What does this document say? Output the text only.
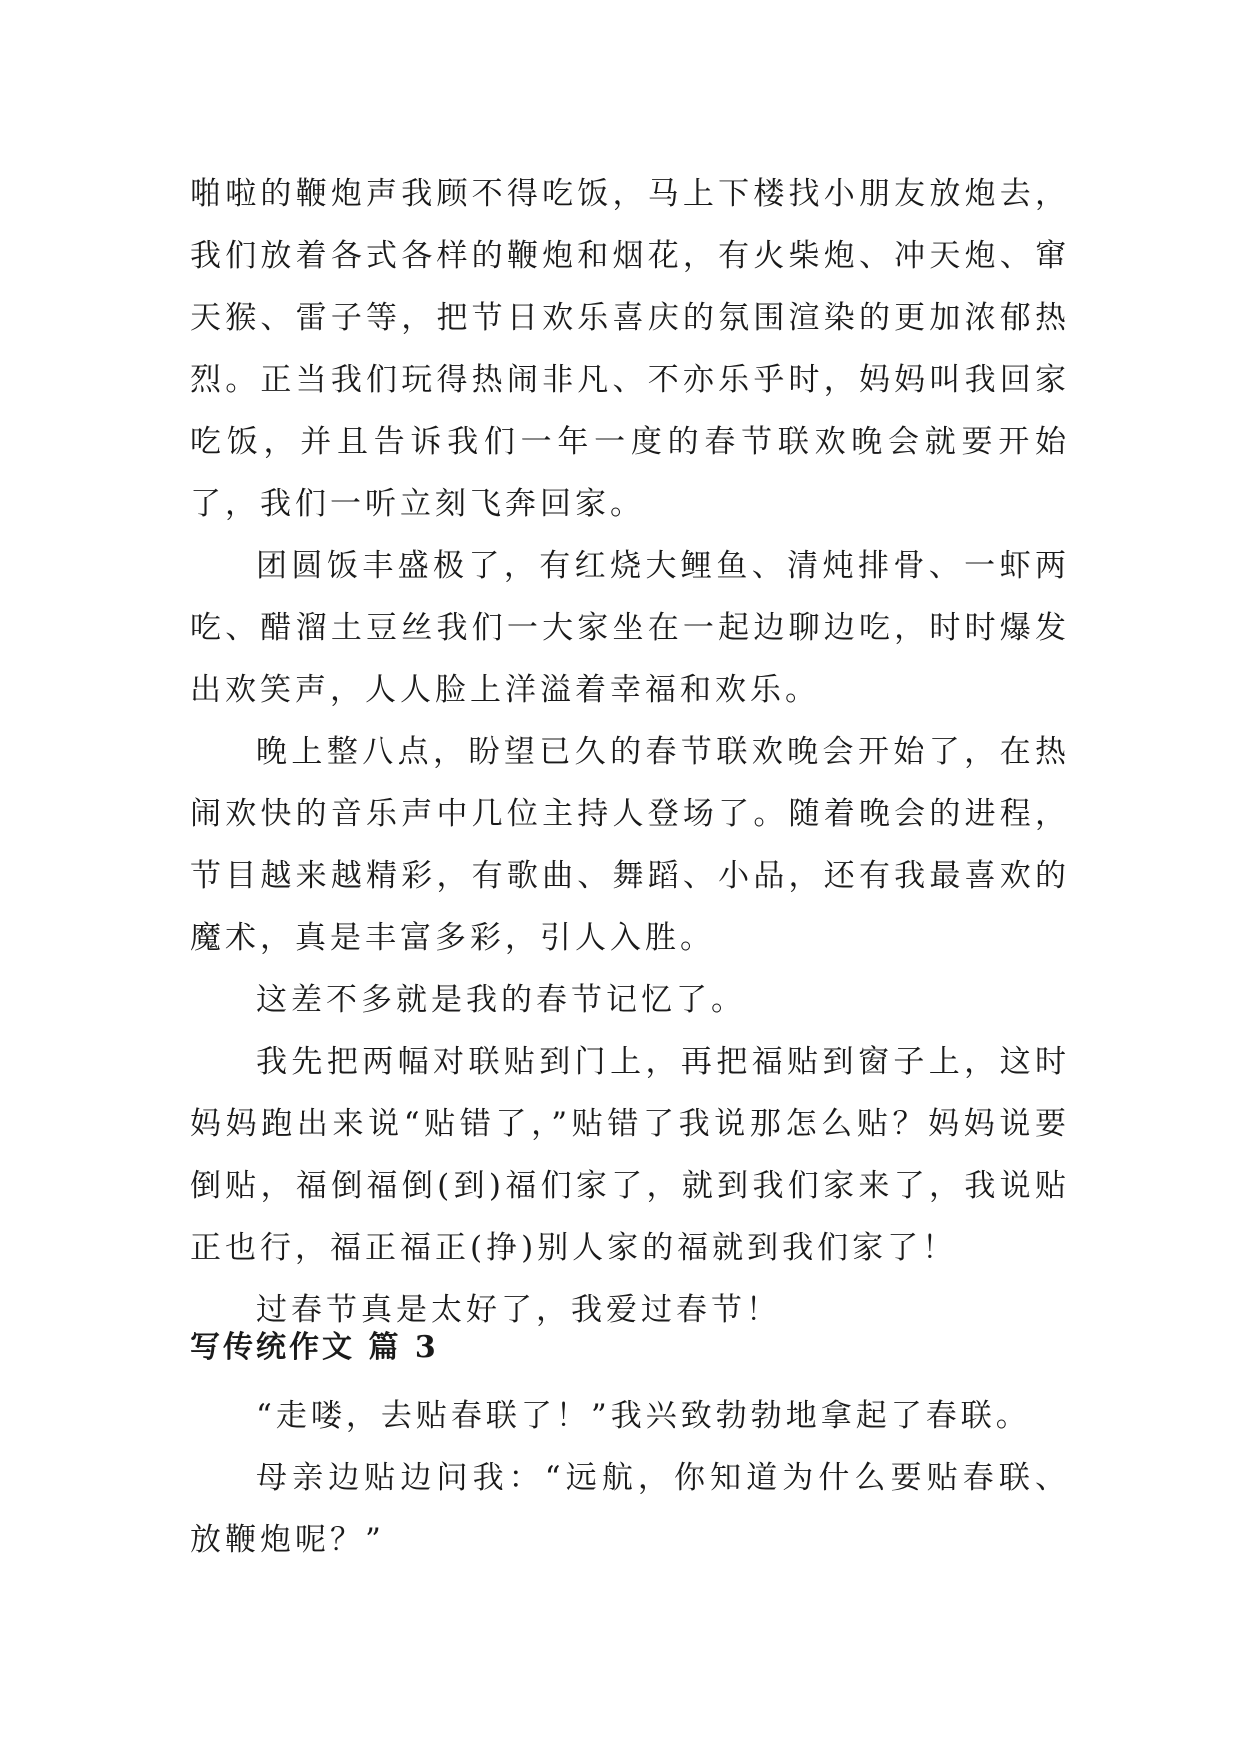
啪啦的鞭炮声我顾不得吃饭，马上下楼找小朋友放炮去，我们放着各式各样的鞭炮和烟花，有火柴炮、冲天炮、窜天猴、雷子等，把节日欢乐喜庆的氛围渲染的更加浓郁热烈。正当我们玩得热闹非凡、不亦乐乎时，妈妈叫我回家吃饭，并且告诉我们一年一度的春节联欢晚会就要开始了，我们一听立刻飞奔回家。

团圆饭丰盛极了，有红烧大鲤鱼、清炖排骨、一虾两吃、醋溜土豆丝我们一大家坐在一起边聊边吃，时时爆发出欢笑声，人人脸上洋溢着幸福和欢乐。

晚上整八点，盼望已久的春节联欢晚会开始了，在热闹欢快的音乐声中几位主持人登场了。随着晚会的进程，节目越来越精彩，有歌曲、舞蹈、小品，还有我最喜欢的魔术，真是丰富多彩，引人入胜。

这差不多就是我的春节记忆了。

我先把两幅对联贴到门上，再把福贴到窗子上，这时妈妈跑出来说“贴错了，”贴错了我说那怎么贴？妈妈说要倒贴，福倒福倒(到)福们家了，就到我们家来了，我说贴正也行，福正福正(挣)别人家的福就到我们家了！

过春节真是太好了，我爱过春节！

写传统作文 篇 3

“走喽，去贴春联了！”我兴致勃勃地拿起了春联。

母亲边贴边问我：“远航，你知道为什么要贴春联、放鞭炮呢？”
